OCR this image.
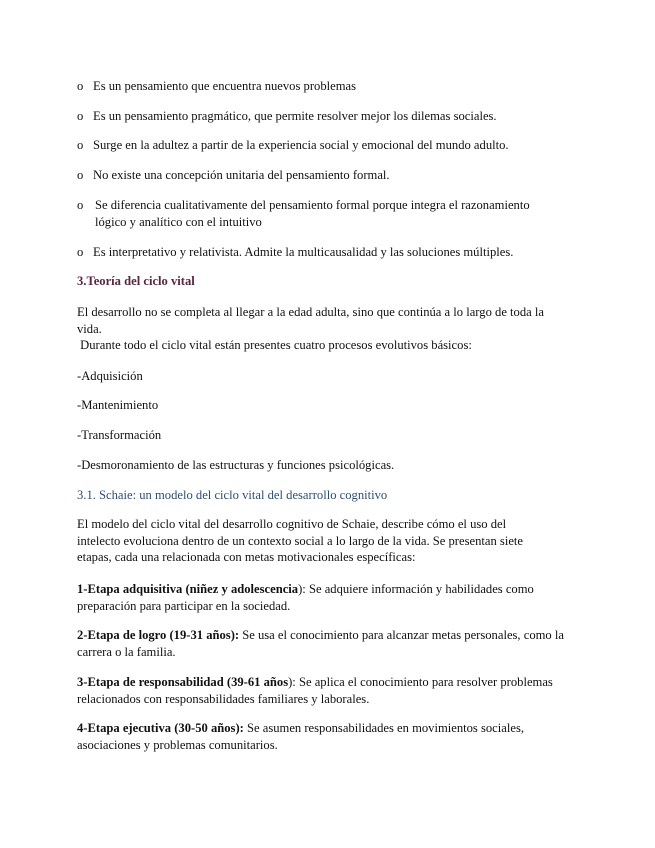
o Es un pensamiento que encuentra nuevos problemas
o Es un pensamiento pragmático, que permite resolver mejor los dilemas sociales.
o Surge en la adultez a partir de la experiencia social y emocional del mundo adulto.
o No existe una concepción unitaria del pensamiento formal.
o Se diferencia cualitativamente del pensamiento formal porque integra el razonamiento lógico y analítico con el intuitivo
o Es interpretativo y relativista. Admite la multicausalidad y las soluciones múltiples.
3.Teoría del ciclo vital

El desarrollo no se completa al llegar a la edad adulta, sino que continúa a lo largo de toda la vida.

Durante todo el ciclo vital están presentes cuatro procesos evolutivos básicos:

-Adquisición
-Mantenimiento
-Transformación
-Desmoronamiento de las estructuras y funciones psicológicas.
3.1. Schaie: un modelo del ciclo vital del desarrollo cognitivo

El modelo del ciclo vital del desarrollo cognitivo de Schaie, describe cómo el uso del intelecto evoluciona dentro de un contexto social a lo largo de la vida. Se presentan siete etapas, cada una relacionada con metas motivacionales específicas:

1-Etapa adquisitiva (niñez y adolescencia): Se adquiere información y habilidades como preparación para participar en la sociedad.

2-Etapa de logro (19-31 años): Se usa el conocimiento para alcanzar metas personales, como la carrera o la familia.

3-Etapa de responsabilidad (39-61 años): Se aplica el conocimiento para resolver problemas relacionados con responsabilidades familiares y laborales.

4-Etapa ejecutiva (30-50 años): Se asumen responsabilidades en movimientos sociales, asociaciones y problemas comunitarios.
